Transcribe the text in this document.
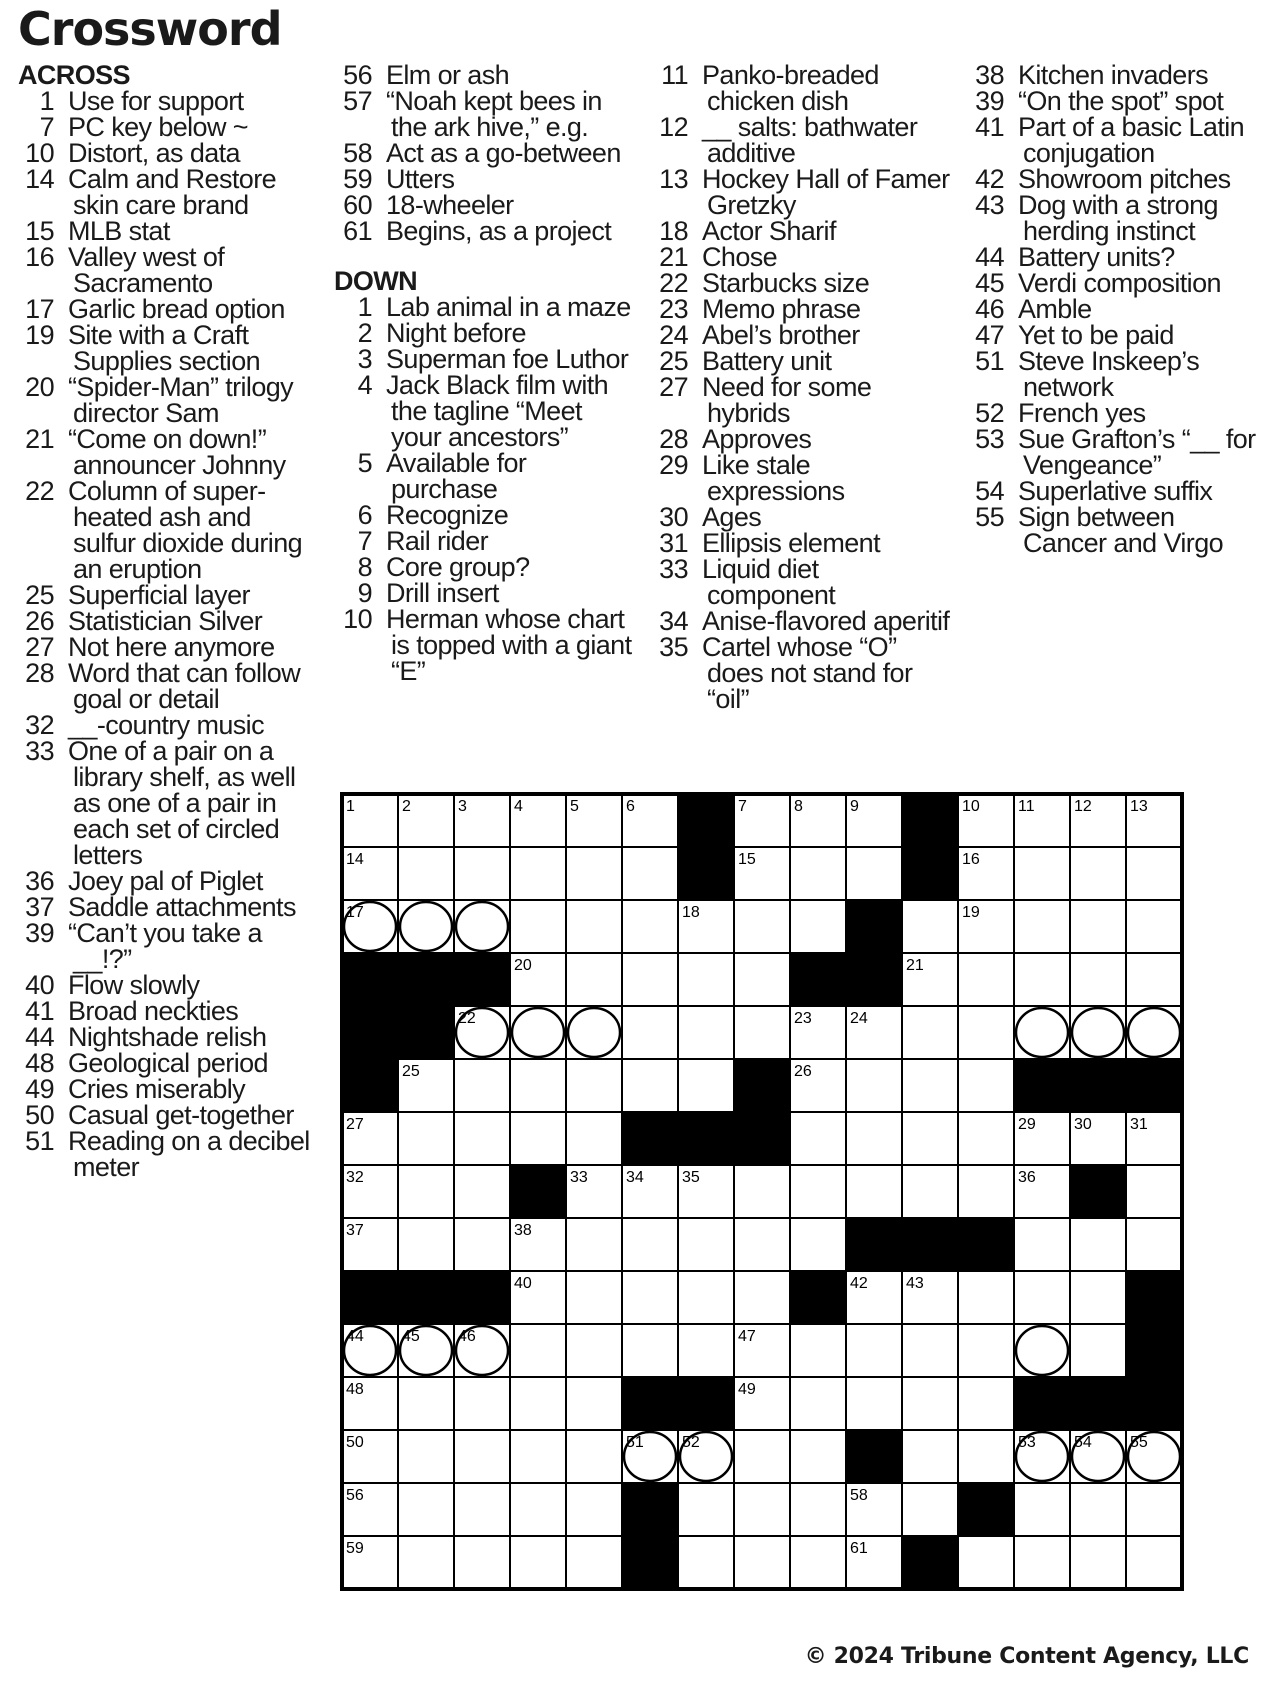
Crossword
ACROSS
1 Use for support
7 PC key below ~
10 Distort, as data
14 Calm and Restore skin care brand
15 MLB stat
16 Valley west of Sacramento
17 Garlic bread option
19 Site with a Craft Supplies section
20 “Spider-Man” trilogy director Sam
21 “Come on down!” announcer Johnny
22 Column of super-heated ash and sulfur dioxide during an eruption
25 Superficial layer
26 Statistician Silver
27 Not here anymore
28 Word that can follow goal or detail
32 __-country music
33 One of a pair on a library shelf, as well as one of a pair in each set of circled letters
36 Joey pal of Piglet
37 Saddle attachments
39 “Can’t you take a __!?”
40 Flow slowly
41 Broad neckties
44 Nightshade relish
48 Geological period
49 Cries miserably
50 Casual get-together
51 Reading on a decibel meter
56 Elm or ash
57 “Noah kept bees in the ark hive,” e.g.
58 Act as a go-between
59 Utters
60 18-wheeler
61 Begins, as a project
DOWN
1 Lab animal in a maze
2 Night before
3 Superman foe Luthor
4 Jack Black film with the tagline “Meet your ancestors”
5 Available for purchase
6 Recognize
7 Rail rider
8 Core group?
9 Drill insert
10 Herman whose chart is topped with a giant “E”
11 Panko-breaded chicken dish
12 __ salts: bathwater additive
13 Hockey Hall of Famer Gretzky
18 Actor Sharif
21 Chose
22 Starbucks size
23 Memo phrase
24 Abel’s brother
25 Battery unit
27 Need for some hybrids
28 Approves
29 Like stale expressions
30 Ages
31 Ellipsis element
33 Liquid diet component
34 Anise-flavored aperitif
35 Cartel whose “O” does not stand for “oil”
38 Kitchen invaders
39 “On the spot” spot
41 Part of a basic Latin conjugation
42 Showroom pitches
43 Dog with a strong herding instinct
44 Battery units?
45 Verdi composition
46 Amble
47 Yet to be paid
51 Steve Inskeep’s network
52 French yes
53 Sue Grafton’s “__ for Vengeance”
54 Superlative suffix
55 Sign between Cancer and Virgo
1	2	3	4	5	6	7	8	9	10 11 12 13
14	15	16
17	18	19
20	21
22	23 24
25	26
27	28	29 30 31
32	33 34 35	36
37	38	39
40	41 42 43
44 45 46	47
48	49
50	51 52	53 54 55
56	57	58
59	60	61
© 2024 Tribune Content Agency, LLC
